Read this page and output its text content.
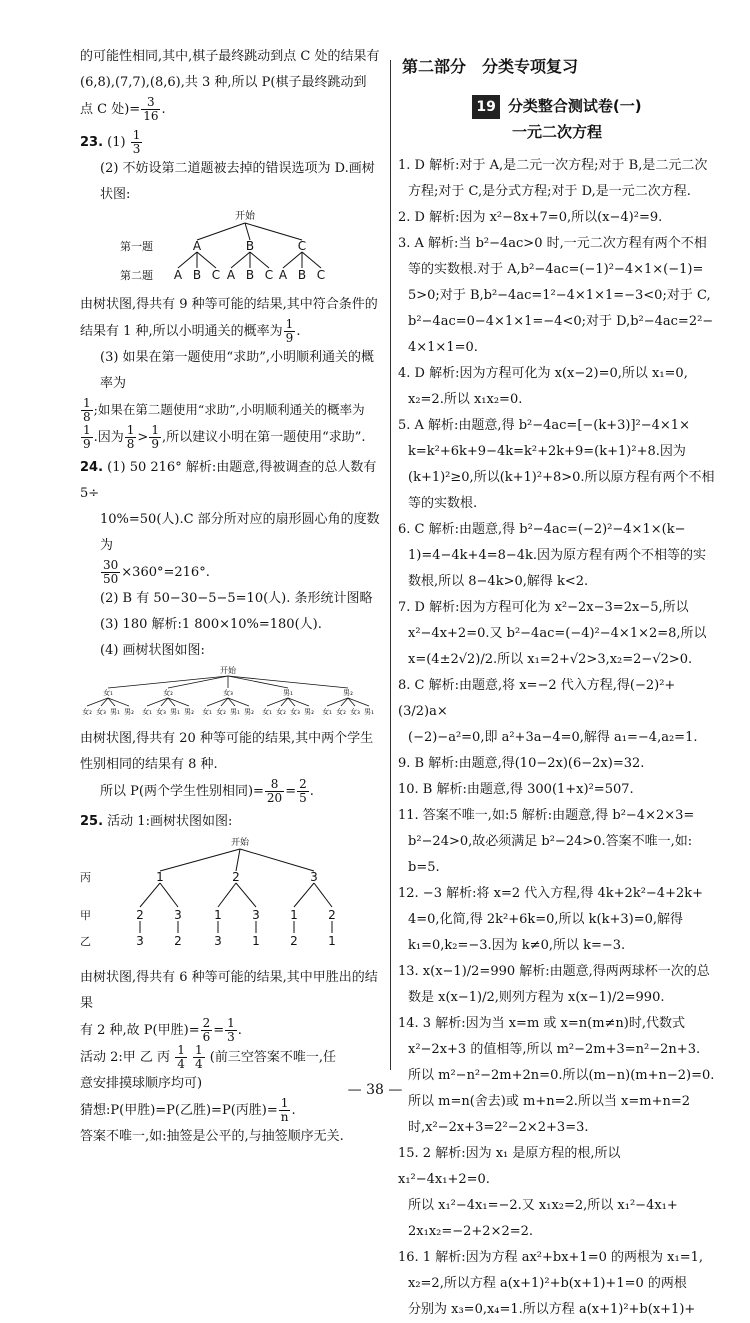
的可能性相同,其中,棋子最终跳动到点 C 处的结果有

(6,8),(7,7),(8,6),共 3 种,所以 P(棋子最终跳动到

点 C 处)= $\frac{3}{16}$ .

23. $(1) \frac{1}{3}$

(2) 不妨设第二道题被去掉的错误选项为 D.画树状图:

开始
第一题
第二题
A	B	C
A B C A B C A B C

由树状图,得共有 9 种等可能的结果,其中符合条件的

结果有 1 种,所以小明通关的概率为 $\frac{1}{9}$ .

(3) 如果在第一题使用“求助”,小明顺利通关的概率为

$\frac{1}{8}$ ;如果在第二题使用“求助”,小明顺利通关的概率为

$\frac{1}{9}$ .因为 $\frac{1}{8} > \frac{1}{9}$ ,所以建议小明在第一题使用“求助”.

24. (1) 50 216° 解析:由题意,得被调查的总人数有 5÷

10%=50(人).C 部分所对应的扇形圆心角的度数为

$\frac{30}{50} \times 360^\circ=216^\circ$.

(2) B 有 50−30−5−5=10(人). 条形统计图略

(3) 180 解析:1 800×10%=180(人).

(4) 画树状图如图:

开始
女₁
女₂ 女₃ 男₁ 男₂
女₂
女₁ 女₃ 男₁ 男₂
女₃
女₁ 女₂ 男₁ 男₂
男₁
女₁ 女₂ 女₃ 男₂
男₂
女₁ 女₂ 女₃ 男₁

由树状图,得共有 20 种等可能的结果,其中两个学生

性别相同的结果有 8 种.

所以 P(两个学生性别相同)= $\frac{8}{20} = \frac{2}{5}$ .

25. 活动 1:画树状图如图:

开始
丙
甲
乙
1	2	3
2	3	1	3	1	2
3	2	3	1	2	1

由树状图,得共有 6 种等可能的结果,其中甲胜出的结果

有 2 种,故 P(甲胜)= $\frac{2}{6} = \frac{1}{3}$ .

活动 2:甲 乙 丙 $\frac{1}{4}$
$\frac{1}{4}$ (前三空答案不唯一,任

意安排摸球顺序均可)

猜想:P(甲胜)=P(乙胜)=P(丙胜)= $\frac{1}{n}$ .

答案不唯一,如:抽签是公平的,与抽签顺序无关.

第二部分　分类专项复习
19 分类整合测试卷(一)
一元二次方程

1. D 解析:对于 A,是二元一次方程;对于 B,是二元二次

方程;对于 C,是分式方程;对于 D,是一元二次方程.

2. D 解析:因为 x²−8x+7=0,所以(x−4)²=9.

3. A 解析:当 b²−4ac>0 时,一元二次方程有两个不相

等的实数根.对于 A,b²−4ac=(−1)²−4×1×(−1)=

5>0;对于 B,b²−4ac=1²−4×1×1=−3<0;对于 C,

b²−4ac=0−4×1×1=−4<0;对于 D,b²−4ac=2²−

4×1×1=0.

4. D 解析:因为方程可化为 x(x−2)=0,所以 x₁=0,

x₂=2.所以 x₁x₂=0.

5. A 解析:由题意,得 b²−4ac=[−(k+3)]²−4×1×

k=k²+6k+9−4k=k²+2k+9=(k+1)²+8.因为

(k+1)²≥0,所以(k+1)²+8>0.所以原方程有两个不相

等的实数根.

6. C 解析:由题意,得 b²−4ac=(−2)²−4×1×(k−

1)=4−4k+4=8−4k.因为原方程有两个不相等的实

数根,所以 8−4k>0,解得 k<2.

7. D 解析:因为方程可化为 x²−2x−3=2x−5,所以

x²−4x+2=0.又 b²−4ac=(−4)²−4×1×2=8,所以

x=(4±2√2)/2.所以 x₁=2+√2>3,x₂=2−√2>0.

8. C 解析:由题意,将 x=−2 代入方程,得(−2)²+(3/2)a×

(−2)−a²=0,即 a²+3a−4=0,解得 a₁=−4,a₂=1.

9. B 解析:由题意,得(10−2x)(6−2x)=32.

10. B 解析:由题意,得 300(1+x)²=507.

11. 答案不唯一,如:5 解析:由题意,得 b²−4×2×3=

b²−24>0,故必须满足 b²−24>0.答案不唯一,如:

b=5.

12. −3 解析:将 x=2 代入方程,得 4k+2k²−4+2k+

4=0,化简,得 2k²+6k=0,所以 k(k+3)=0,解得

k₁=0,k₂=−3.因为 k≠0,所以 k=−3.

13. x(x−1)/2=990 解析:由题意,得两两球杯一次的总

数是 x(x−1)/2,则列方程为 x(x−1)/2=990.

14. 3 解析:因为当 x=m 或 x=n(m≠n)时,代数式

x²−2x+3 的值相等,所以 m²−2m+3=n²−2n+3.

所以 m²−n²−2m+2n=0.所以(m−n)(m+n−2)=0.

所以 m=n(舍去)或 m+n=2.所以当 x=m+n=2

时,x²−2x+3=2²−2×2+3=3.

15. 2 解析:因为 x₁ 是原方程的根,所以 x₁²−4x₁+2=0.

所以 x₁²−4x₁=−2.又 x₁x₂=2,所以 x₁²−4x₁+

2x₁x₂=−2+2×2=2.

16. 1 解析:因为方程 ax²+bx+1=0 的两根为 x₁=1,

x₂=2,所以方程 a(x+1)²+b(x+1)+1=0 的两根

分别为 x₃=0,x₄=1.所以方程 a(x+1)²+b(x+1)+

— 38 —
